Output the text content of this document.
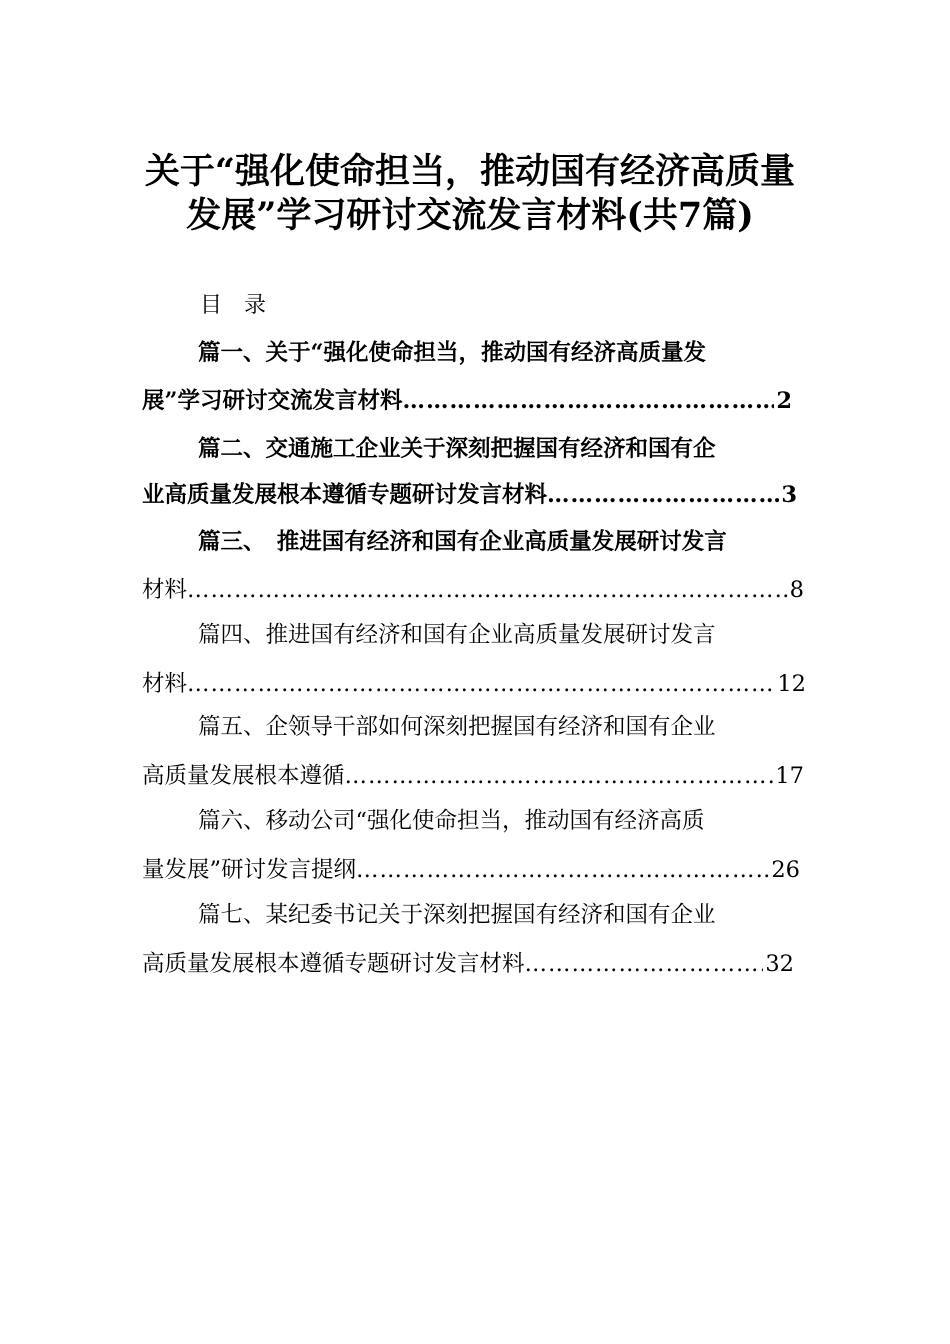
关于“强化使命担当，推动国有经济高质量
发展”学习研讨交流发言材料(共7篇)
目　录
篇一、关于“强化使命担当，推动国有经济高质量发
展”学习研讨交流发言材料 ………………………………………………………………………………………………………………………………………………………………	2
篇二、交通施工企业关于深刻把握国有经济和国有企
业高质量发展根本遵循专题研讨发言材料 ………………………………………………………………………………………………………………………………………………………………	3
篇三、　推进国有经济和国有企业高质量发展研讨发言
材料 ………………………………………………………………………………………………………………………………………………………………	8
篇四、推进国有经济和国有企业高质量发展研讨发言
材料 ………………………………………………………………………………………………………………………………………………………………	12
篇五、企领导干部如何深刻把握国有经济和国有企业
高质量发展根本遵循 ………………………………………………………………………………………………………………………………………………………………	17
篇六、移动公司“强化使命担当，推动国有经济高质
量发展”研讨发言提纲 ………………………………………………………………………………………………………………………………………………………………	26
篇七、某纪委书记关于深刻把握国有经济和国有企业
高质量发展根本遵循专题研讨发言材料 ………………………………………………………………………………………………………………………………………………………………	32
